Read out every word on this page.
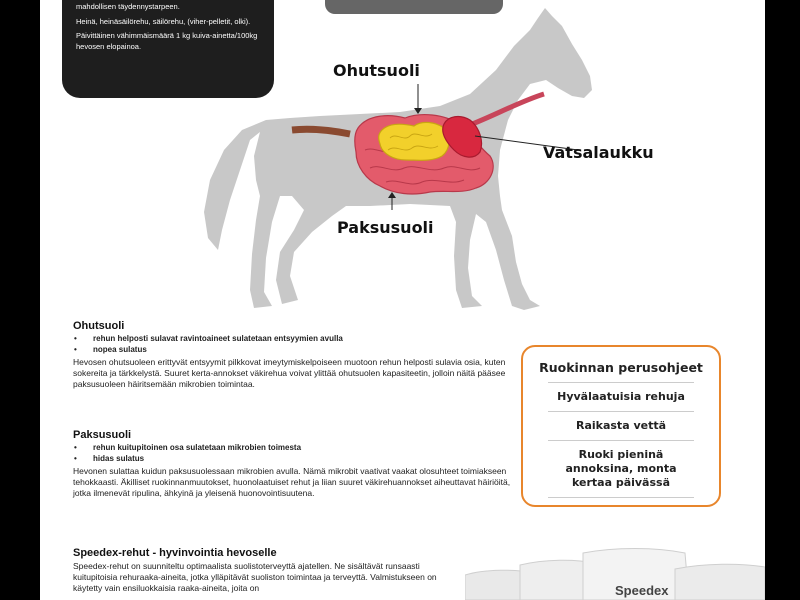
mahdollisen täydennystarpeen.

Heinä, heinäsäilörehu, säilörehu, (viher-pelletit, olki).

Päivittäinen vähimmäismäärä 1 kg kuiva-ainetta/100kg hevosen elopainoa.

Ohutsuoli
Vatsalaukku
Paksusuoli
Ohutsuoli
• rehun helposti sulavat ravintoaineet sulatetaan entsyymien avulla
• nopea sulatus

Hevosen ohutsuoleen erittyvät entsyymit pilkkovat imeytymiskelpoiseen muotoon rehun helposti sulavia osia, kuten sokereita ja tärkkelystä. Suuret kerta-annokset väkirehua voivat ylittää ohutsuolen kapasiteetin, jolloin näitä pääsee paksusuoleen häiritsemään mikrobien toimintaa.

Paksusuoli
• rehun kuitupitoinen osa sulatetaan mikrobien toimesta
• hidas sulatus

Hevonen sulattaa kuidun paksusuolessaan mikrobien avulla. Nämä mikrobit vaativat vaakat olosuhteet toimiakseen tehokkaasti. Äkilliset ruokinnanmuutokset, huonolaatuiset rehut ja liian suuret väkirehuannokset aiheuttavat häiriöitä, jotka ilmenevät ripulina, ähkyinä ja yleisenä huonovointisuutena.

Speedex-rehut - hyvinvointia hevoselle

Speedex-rehut on suunniteltu optimaalista suolistoterveyttä ajatellen. Ne sisältävät runsaasti kuitupitoisia rehuraaka-aineita, jotka ylläpitävät suoliston toimintaa ja terveyttä. Valmistukseen on käytetty vain ensiluokkaisia raaka-aineita, joita on

Ruokinnan perusohjeet
Hyvälaatuisia rehuja
Raikasta vettä
Ruoki pieninä annoksina, monta kertaa päivässä
Speedex
